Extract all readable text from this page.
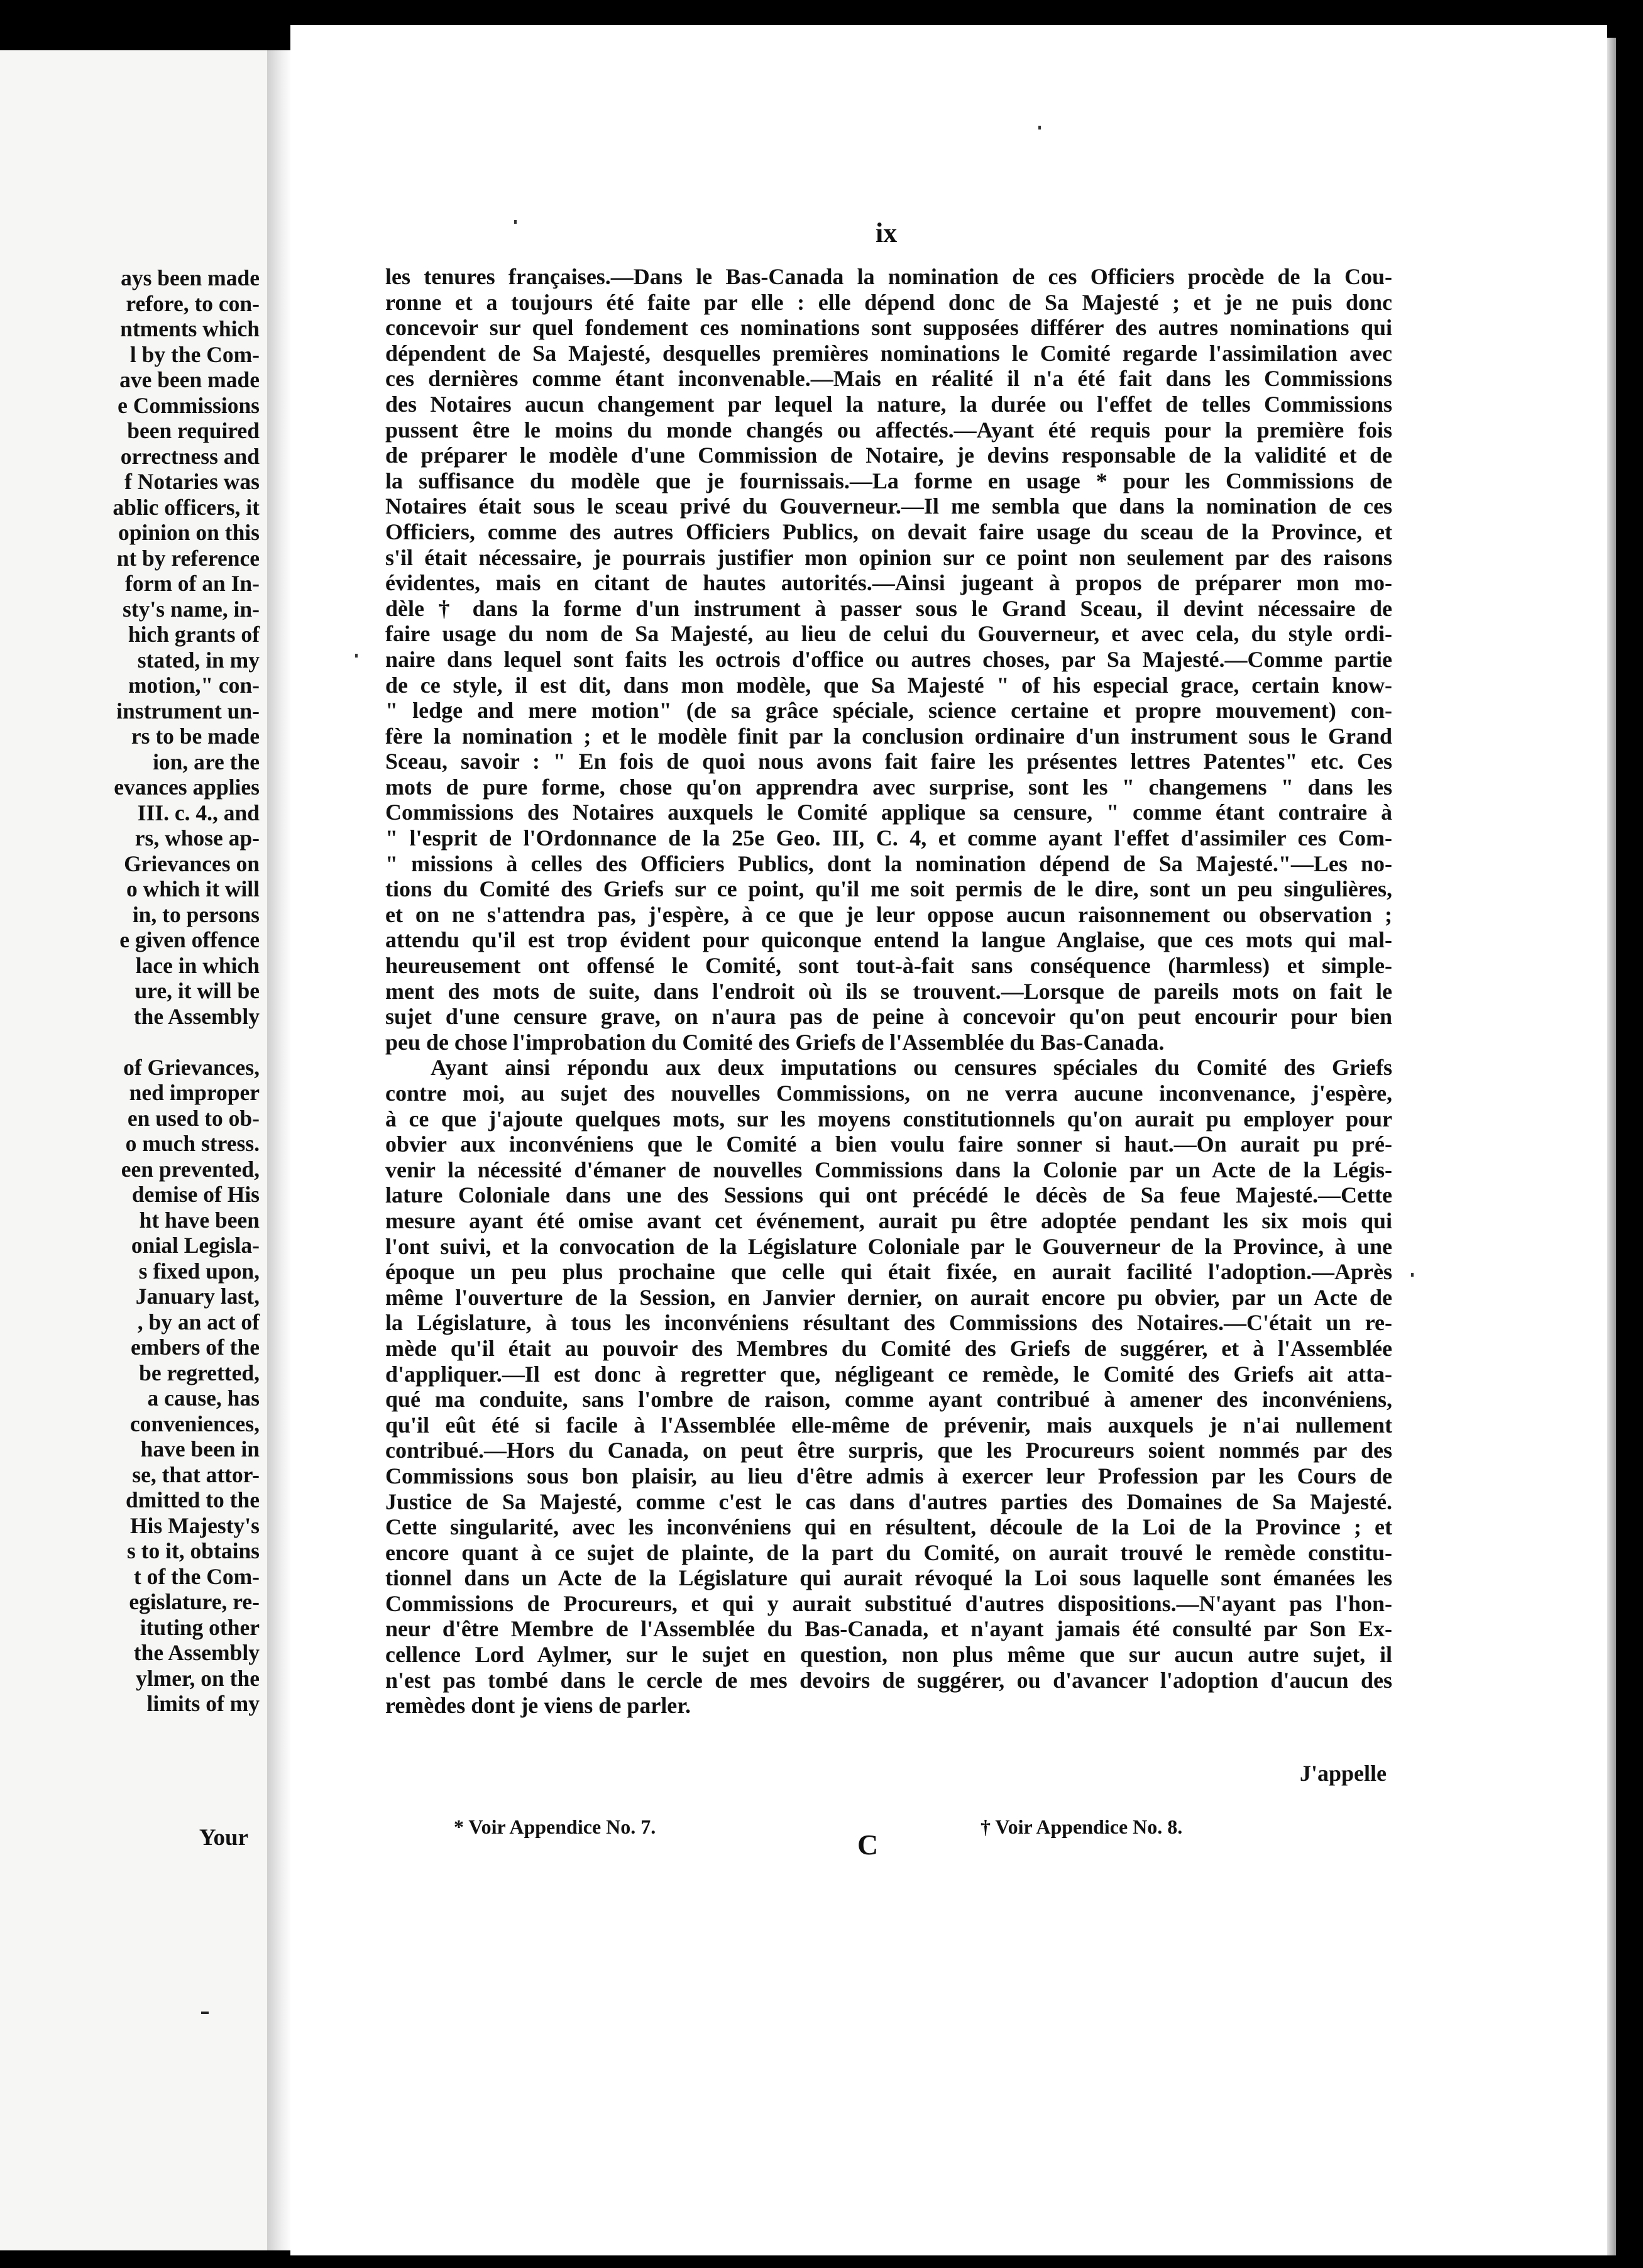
ays been made
refore, to con-
ntments which
l by the Com-
ave been made
e Commissions
been required
orrectness and
f Notaries was
ablic officers, it
opinion on this
nt by reference
form of an In-
sty's name, in-
hich grants of
stated, in my
motion," con-
instrument un-
rs to be made
ion, are the
evances applies
III. c. 4., and
rs, whose ap-
Grievances on
o which it will
in, to persons
e given offence
lace in which
ure, it will be
the Assembly
of Grievances,
ned improper
en used to ob-
o much stress.
een prevented,
demise of His
ht have been
onial Legisla-
s fixed upon,
January last,
, by an act of
embers of the
be regretted,
a cause, has
conveniences,
have been in
se, that attor-
dmitted to the
His Majesty's
s to it, obtains
t of the Com-
egislature, re-
ituting other
the Assembly
ylmer, on the
limits of my
Your
ix
les tenures françaises.—Dans le Bas-Canada la nomination de ces Officiers procède de la Cou-
ronne et a toujours été faite par elle : elle dépend donc de Sa Majesté ; et je ne puis donc
concevoir sur quel fondement ces nominations sont supposées différer des autres nominations qui
dépendent de Sa Majesté, desquelles premières nominations le Comité regarde l'assimilation avec
ces dernières comme étant inconvenable.—Mais en réalité il n'a été fait dans les Commissions
des Notaires aucun changement par lequel la nature, la durée ou l'effet de telles Commissions
pussent être le moins du monde changés ou affectés.—Ayant été requis pour la première fois
de préparer le modèle d'une Commission de Notaire, je devins responsable de la validité et de
la suffisance du modèle que je fournissais.—La forme en usage * pour les Commissions de
Notaires était sous le sceau privé du Gouverneur.—Il me sembla que dans la nomination de ces
Officiers, comme des autres Officiers Publics, on devait faire usage du sceau de la Province, et
s'il était nécessaire, je pourrais justifier mon opinion sur ce point non seulement par des raisons
évidentes, mais en citant de hautes autorités.—Ainsi jugeant à propos de préparer mon mo-
dèle † dans la forme d'un instrument à passer sous le Grand Sceau, il devint nécessaire de
faire usage du nom de Sa Majesté, au lieu de celui du Gouverneur, et avec cela, du style ordi-
naire dans lequel sont faits les octrois d'office ou autres choses, par Sa Majesté.—Comme partie
de ce style, il est dit, dans mon modèle, que Sa Majesté " of his especial grace, certain know-
" ledge and mere motion" (de sa grâce spéciale, science certaine et propre mouvement) con-
fère la nomination ; et le modèle finit par la conclusion ordinaire d'un instrument sous le Grand
Sceau, savoir : " En fois de quoi nous avons fait faire les présentes lettres Patentes" etc. Ces
mots de pure forme, chose qu'on apprendra avec surprise, sont les " changemens " dans les
Commissions des Notaires auxquels le Comité applique sa censure, " comme étant contraire à
" l'esprit de l'Ordonnance de la 25e Geo. III, C. 4, et comme ayant l'effet d'assimiler ces Com-
" missions à celles des Officiers Publics, dont la nomination dépend de Sa Majesté."—Les no-
tions du Comité des Griefs sur ce point, qu'il me soit permis de le dire, sont un peu singulières,
et on ne s'attendra pas, j'espère, à ce que je leur oppose aucun raisonnement ou observation ;
attendu qu'il est trop évident pour quiconque entend la langue Anglaise, que ces mots qui mal-
heureusement ont offensé le Comité, sont tout-à-fait sans conséquence (harmless) et simple-
ment des mots de suite, dans l'endroit où ils se trouvent.—Lorsque de pareils mots on fait le
sujet d'une censure grave, on n'aura pas de peine à concevoir qu'on peut encourir pour bien
peu de chose l'improbation du Comité des Griefs de l'Assemblée du Bas-Canada.
Ayant ainsi répondu aux deux imputations ou censures spéciales du Comité des Griefs
contre moi, au sujet des nouvelles Commissions, on ne verra aucune inconvenance, j'espère,
à ce que j'ajoute quelques mots, sur les moyens constitutionnels qu'on aurait pu employer pour
obvier aux inconvéniens que le Comité a bien voulu faire sonner si haut.—On aurait pu pré-
venir la nécessité d'émaner de nouvelles Commissions dans la Colonie par un Acte de la Légis-
lature Coloniale dans une des Sessions qui ont précédé le décès de Sa feue Majesté.—Cette
mesure ayant été omise avant cet événement, aurait pu être adoptée pendant les six mois qui
l'ont suivi, et la convocation de la Législature Coloniale par le Gouverneur de la Province, à une
époque un peu plus prochaine que celle qui était fixée, en aurait facilité l'adoption.—Après
même l'ouverture de la Session, en Janvier dernier, on aurait encore pu obvier, par un Acte de
la Législature, à tous les inconvéniens résultant des Commissions des Notaires.—C'était un re-
mède qu'il était au pouvoir des Membres du Comité des Griefs de suggérer, et à l'Assemblée
d'appliquer.—Il est donc à regretter que, négligeant ce remède, le Comité des Griefs ait atta-
qué ma conduite, sans l'ombre de raison, comme ayant contribué à amener des inconvéniens,
qu'il eût été si facile à l'Assemblée elle-même de prévenir, mais auxquels je n'ai nullement
contribué.—Hors du Canada, on peut être surpris, que les Procureurs soient nommés par des
Commissions sous bon plaisir, au lieu d'être admis à exercer leur Profession par les Cours de
Justice de Sa Majesté, comme c'est le cas dans d'autres parties des Domaines de Sa Majesté.
Cette singularité, avec les inconvéniens qui en résultent, découle de la Loi de la Province ; et
encore quant à ce sujet de plainte, de la part du Comité, on aurait trouvé le remède constitu-
tionnel dans un Acte de la Législature qui aurait révoqué la Loi sous laquelle sont émanées les
Commissions de Procureurs, et qui y aurait substitué d'autres dispositions.—N'ayant pas l'hon-
neur d'être Membre de l'Assemblée du Bas-Canada, et n'ayant jamais été consulté par Son Ex-
cellence Lord Aylmer, sur le sujet en question, non plus même que sur aucun autre sujet, il
n'est pas tombé dans le cercle de mes devoirs de suggérer, ou d'avancer l'adoption d'aucun des
remèdes dont je viens de parler.
J'appelle
* Voir Appendice No. 7.	† Voir Appendice No. 8.
C
